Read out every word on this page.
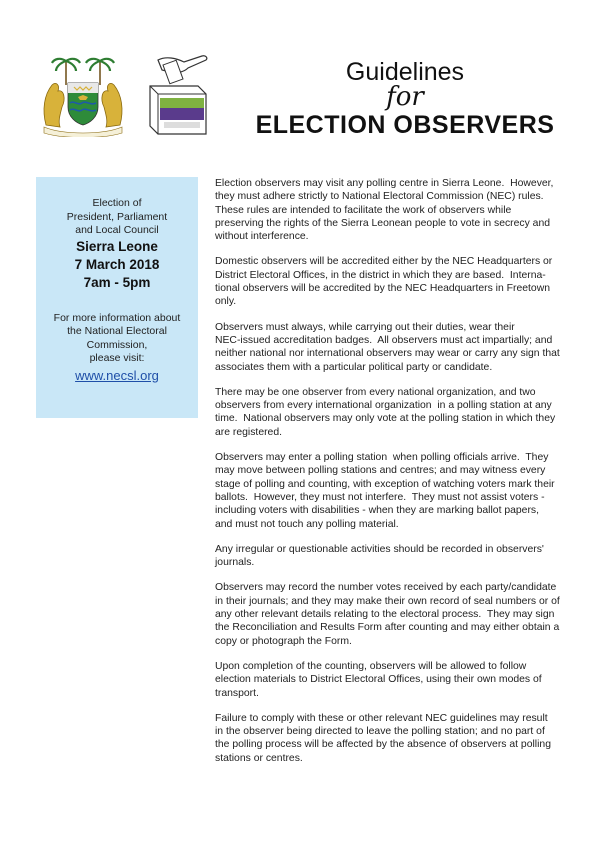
Guidelines
for
ELECTION OBSERVERS
Election of
President, Parliament
and Local Council
Sierra Leone
7 March 2018
7am - 5pm
For more information about
the National Electoral
Commission,
please visit:
www.necsl.org

Election observers may visit any polling centre in Sierra Leone.  However,
they must adhere strictly to National Electoral Commission (NEC) rules.
These rules are intended to facilitate the work of observers while
preserving the rights of the Sierra Leonean people to vote in secrecy and
without interference.

Domestic observers will be accredited either by the NEC Headquarters or
District Electoral Offices, in the district in which they are based.  Interna-
tional observers will be accredited by the NEC Headquarters in Freetown
only.

Observers must always, while carrying out their duties, wear their
NEC-issued accreditation badges.  All observers must act impartially; and
neither national nor international observers may wear or carry any sign that
associates them with a particular political party or candidate.

There may be one observer from every national organization, and two
observers from every international organization  in a polling station at any
time.  National observers may only vote at the polling station in which they
are registered.

Observers may enter a polling station  when polling officials arrive.  They
may move between polling stations and centres; and may witness every
stage of polling and counting, with exception of watching voters mark their
ballots.  However, they must not interfere.  They must not assist voters -
including voters with disabilities - when they are marking ballot papers,
and must not touch any polling material.

Any irregular or questionable activities should be recorded in observers'
journals.

Observers may record the number votes received by each party/candidate
in their journals; and they may make their own record of seal numbers or of
any other relevant details relating to the electoral process.  They may sign
the Reconciliation and Results Form after counting and may either obtain a
copy or photograph the Form.

Upon completion of the counting, observers will be allowed to follow
election materials to District Electoral Offices, using their own modes of
transport.

Failure to comply with these or other relevant NEC guidelines may result
in the observer being directed to leave the polling station; and no part of
the polling process will be affected by the absence of observers at polling
stations or centres.
